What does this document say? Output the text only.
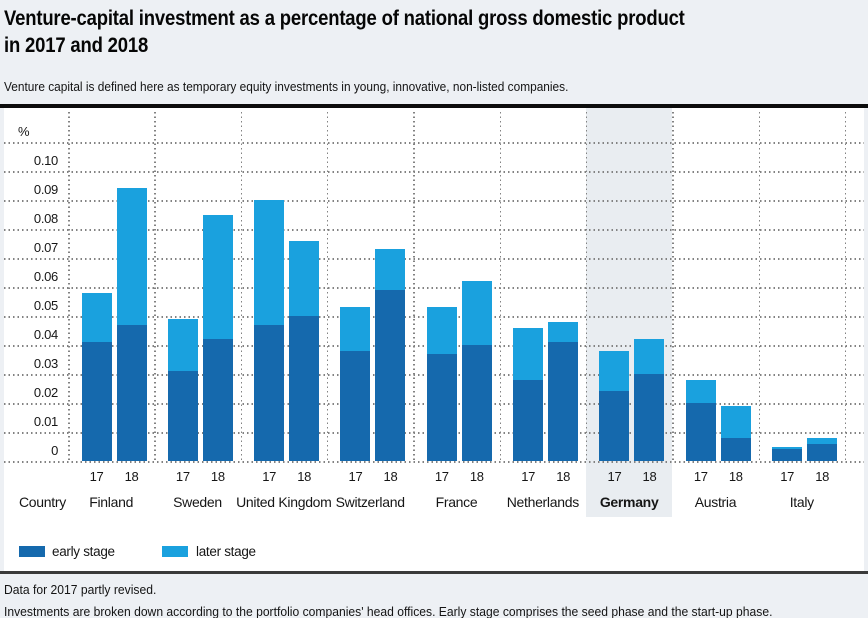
Venture-capital investment as a percentage of national gross domestic product
in 2017 and 2018
Venture capital is defined here as temporary equity investments in young, innovative, non-listed companies.
Country
%
early stage	later stage
Data for 2017 partly revised.
Investments are broken down according to the portfolio companies' head offices. Early stage comprises the seed phase and the start-up phase.
0.10
0.09
0.08
0.07
0.06
0.05
0.04
0.03
0.02
0.01
0
17	17	17	17	17	17	17	17	17
18	18	18	18	18	18	18	18	18
Finland	Sweden	United Kingdom Switzerland	France	Netherlands	Germany	Austria	Italy
